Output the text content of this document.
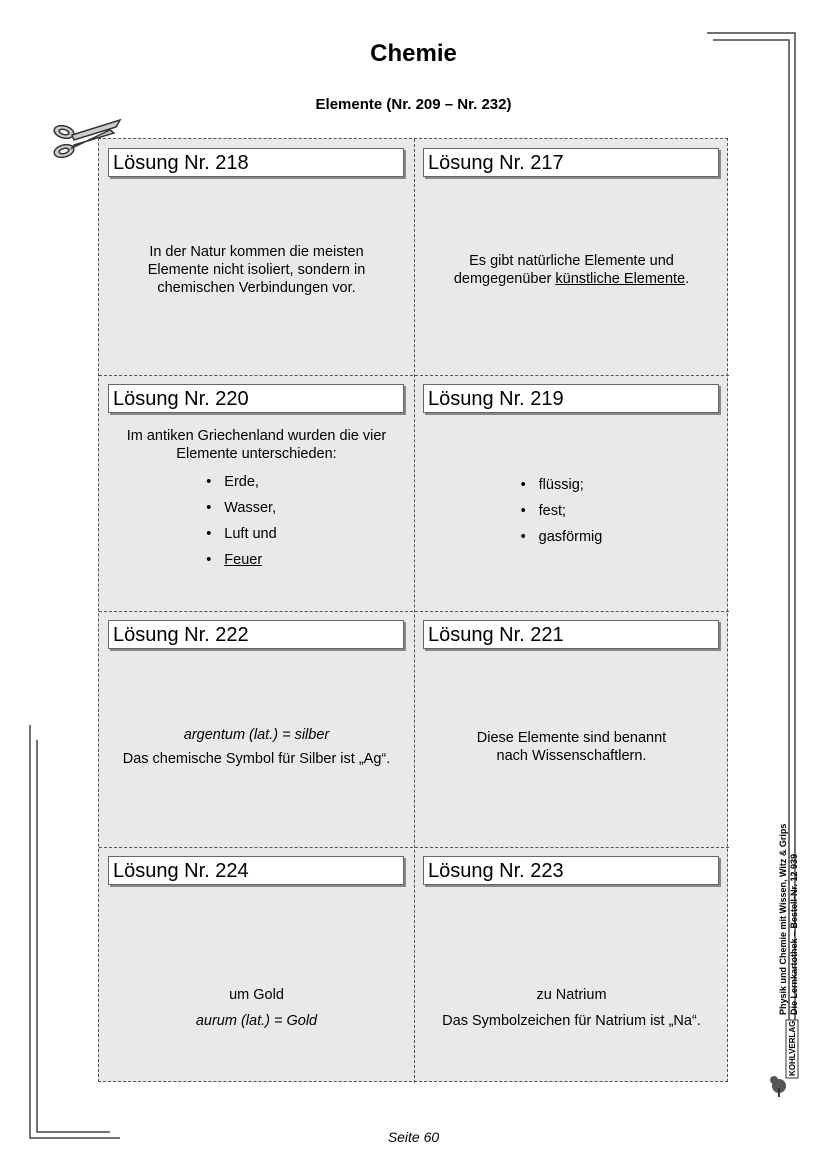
Chemie
Elemente (Nr. 209 – Nr. 232)
Lösung Nr. 218

In der Natur kommen die meisten Elemente nicht isoliert, sondern in chemischen Verbindungen vor.

Lösung Nr. 217

Es gibt natürliche Elemente und demgegenüber künstliche Elemente.

Lösung Nr. 220

Im antiken Griechenland wurden die vier Elemente unterschieden:

• Erde,
• Wasser,
• Luft und
• Feuer
Lösung Nr. 219
• flüssig;
• fest;
• gasförmig
Lösung Nr. 222

argentum (lat.) = silber

Das chemische Symbol für Silber ist „Ag“.

Lösung Nr. 221

Diese Elemente sind benannt nach Wissenschaftlern.

Lösung Nr. 224

um Gold

aurum (lat.) = Gold

Lösung Nr. 223

zu Natrium

Das Symbolzeichen für Natrium ist „Na“.

Physik und Chemie mit Wissen, Witz & Grips Die Lernkartothek – Bestell-Nr. 12 939
KOHLVERLAG
Seite 60
